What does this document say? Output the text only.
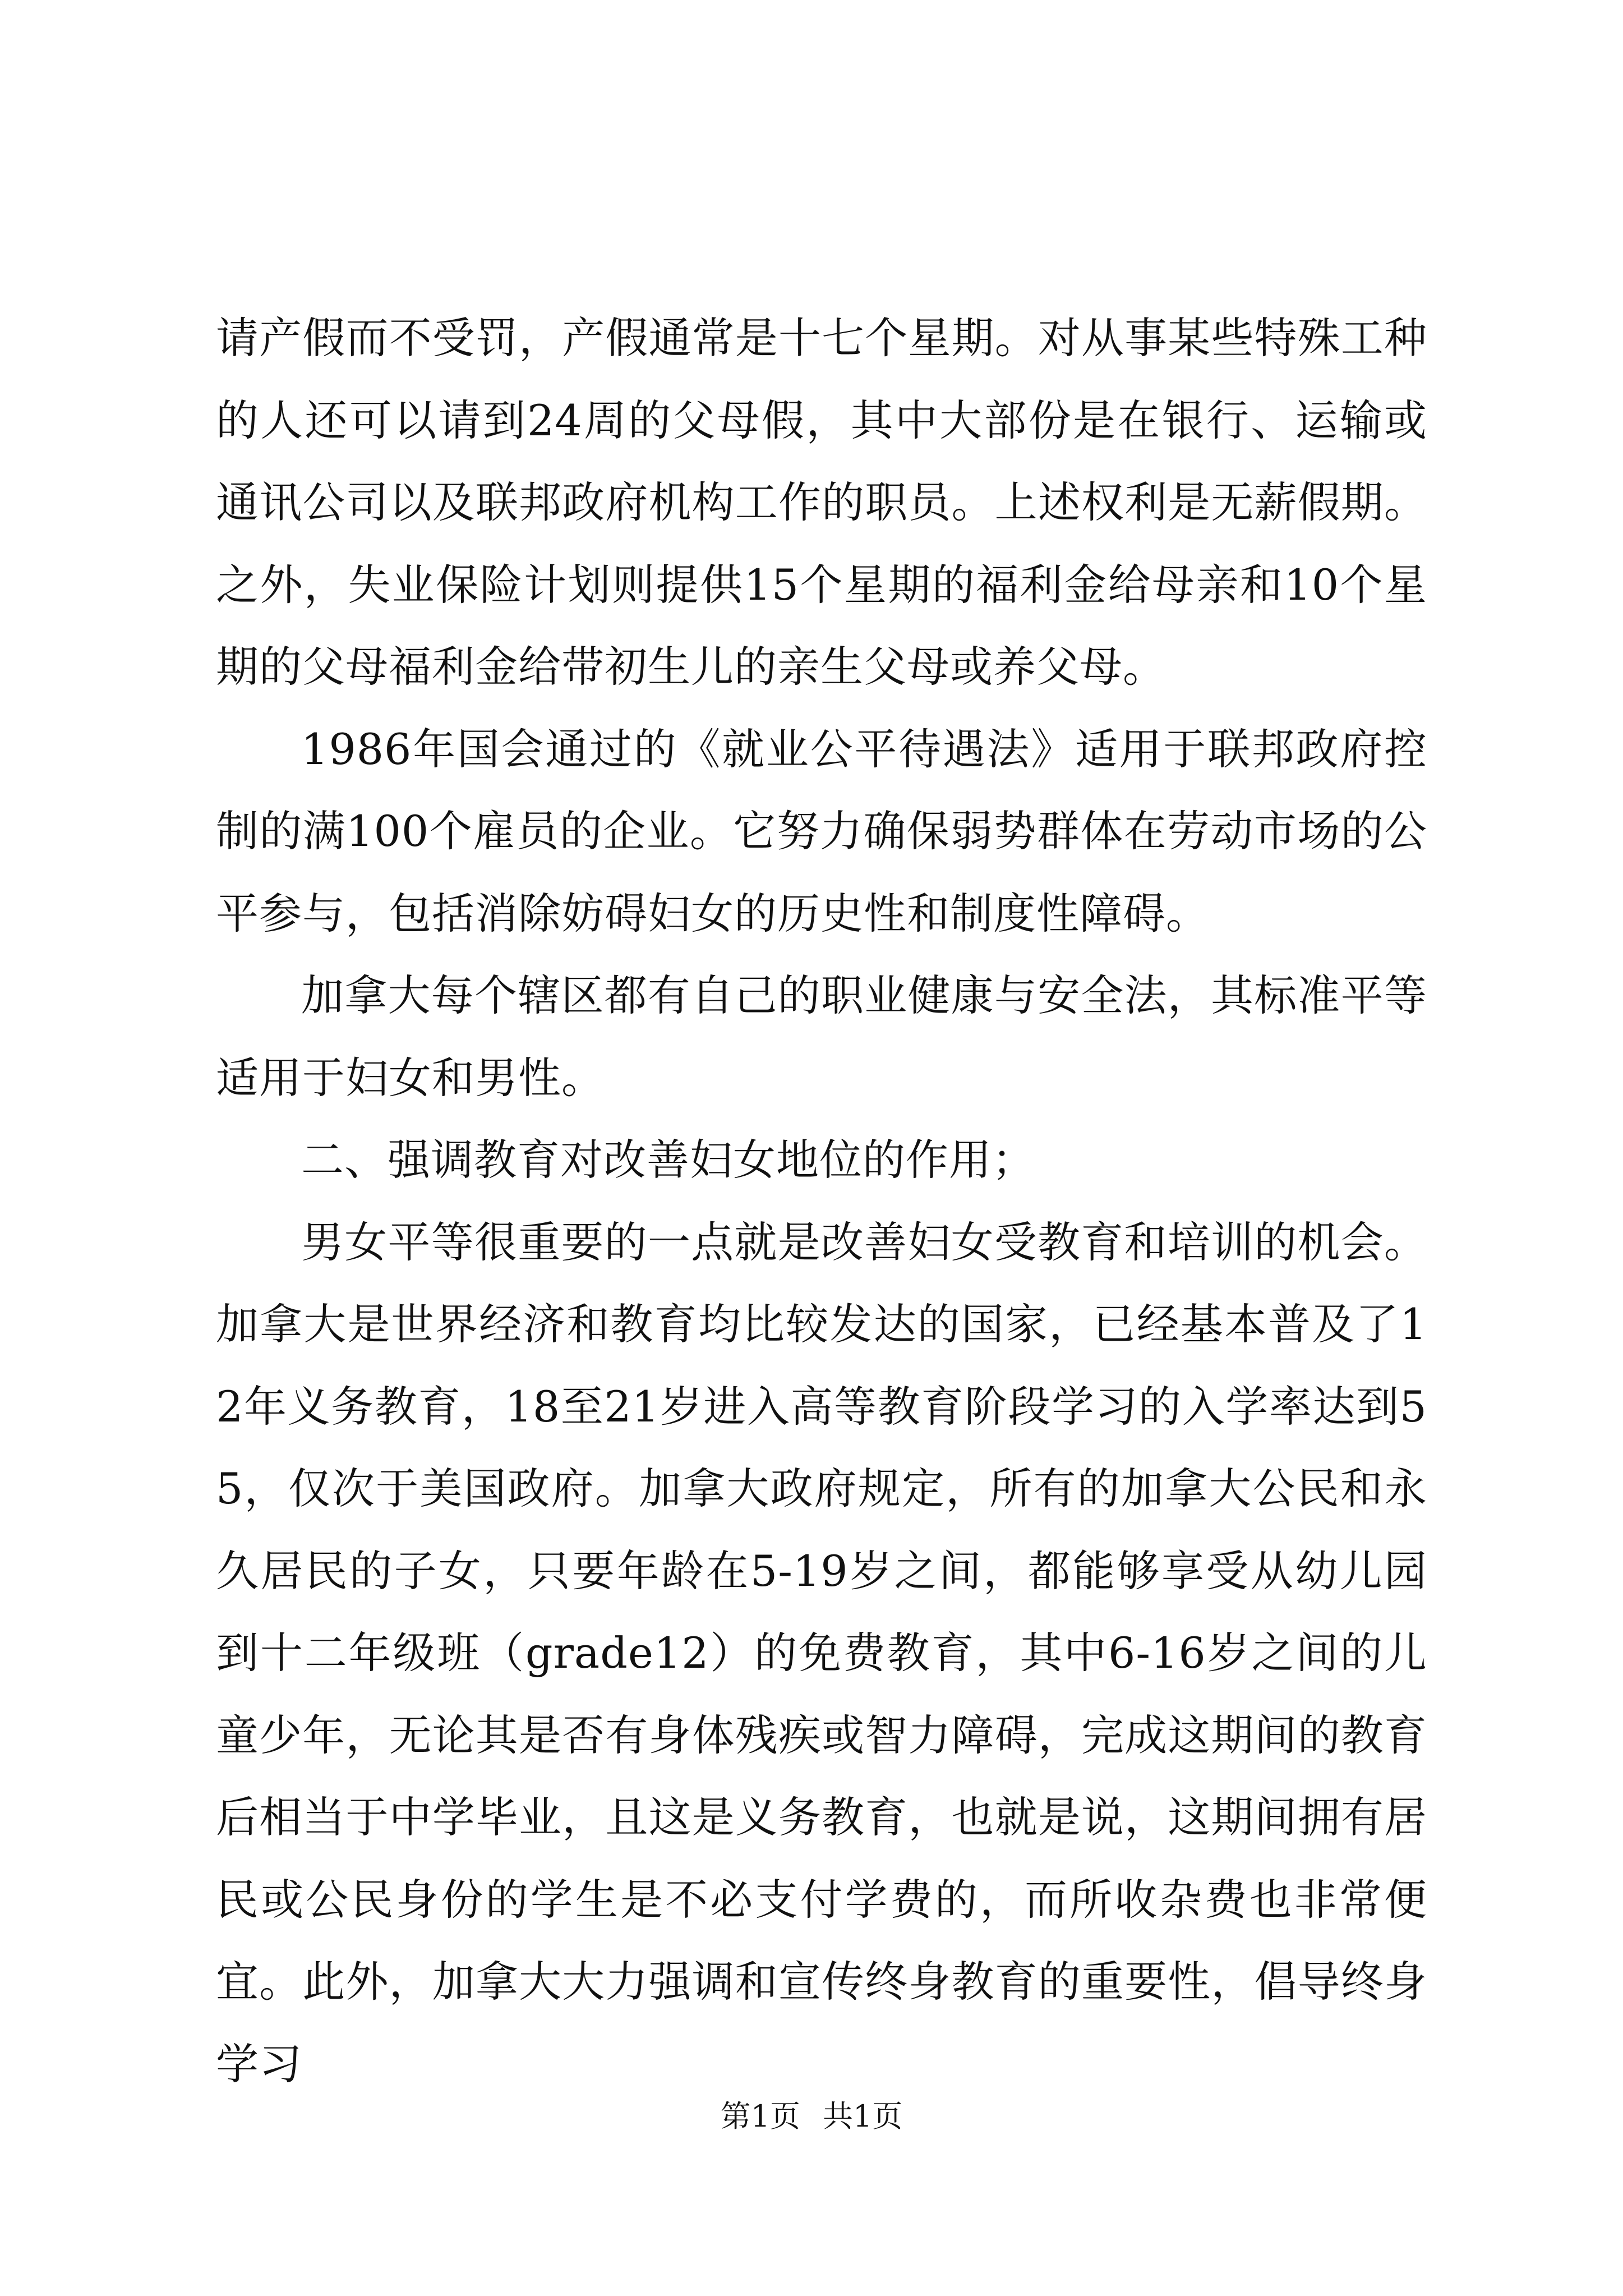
请产假而不受罚，产假通常是十七个星期。对从事某些特殊工种的人还可以请到24周的父母假，其中大部份是在银行、运输或通讯公司以及联邦政府机构工作的职员。上述权利是无薪假期。之外，失业保险计划则提供15个星期的福利金给母亲和10个星期的父母福利金给带初生儿的亲生父母或养父母。

1986年国会通过的《就业公平待遇法》适用于联邦政府控制的满100个雇员的企业。它努力确保弱势群体在劳动市场的公平参与，包括消除妨碍妇女的历史性和制度性障碍。

加拿大每个辖区都有自己的职业健康与安全法，其标准平等适用于妇女和男性。

二、强调教育对改善妇女地位的作用；

男女平等很重要的一点就是改善妇女受教育和培训的机会。加拿大是世界经济和教育均比较发达的国家，已经基本普及了12年义务教育，18至21岁进入高等教育阶段学习的入学率达到55，仅次于美国政府。加拿大政府规定，所有的加拿大公民和永久居民的子女，只要年龄在5-19岁之间，都能够享受从幼儿园到十二年级班（grade12）的免费教育，其中6-16岁之间的儿童少年，无论其是否有身体残疾或智力障碍，完成这期间的教育后相当于中学毕业，且这是义务教育，也就是说，这期间拥有居民或公民身份的学生是不必支付学费的，而所收杂费也非常便宜。此外，加拿大大力强调和宣传终身教育的重要性，倡导终身学习

第1页 共1页
